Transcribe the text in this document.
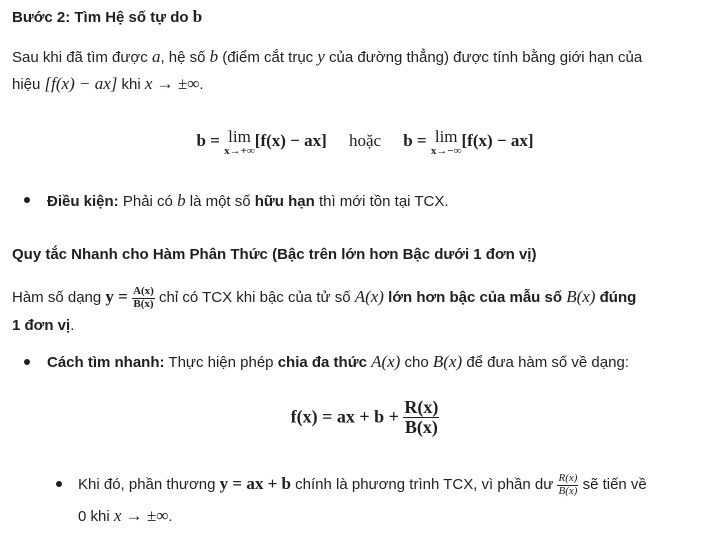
Bước 2: Tìm Hệ số tự do b
Sau khi đã tìm được a, hệ số b (điểm cắt trục y của đường thẳng) được tính bằng giới hạn của
hiệu [f(x) − ax] khi x → ±∞.
b = lim
x→+∞
[f(x) − ax] hoặc b = lim
x→−∞
[f(x) − ax]
Điều kiện: Phải có b là một số hữu hạn thì mới tồn tại TCX.
Quy tắc Nhanh cho Hàm Phân Thức (Bậc trên lớn hơn Bậc dưới 1 đơn vị)
Hàm số dạng $y = \frac{A(x)}{B(x)}$ chỉ có TCX khi bậc của tử số A(x) lớn hơn bậc của mẫu số B(x) đúng
1 đơn vị.
Cách tìm nhanh: Thực hiện phép chia đa thức A(x) cho B(x) để đưa hàm số về dạng:
f(x) = ax + $b + \frac{R(x)}{B(x)}$
Khi đó, phần thương y = ax + b chính là phương trình TCX, vì phần dư $\frac{R(x)}{B(x)}$ sẽ tiến về
0 khi x → ±∞.
